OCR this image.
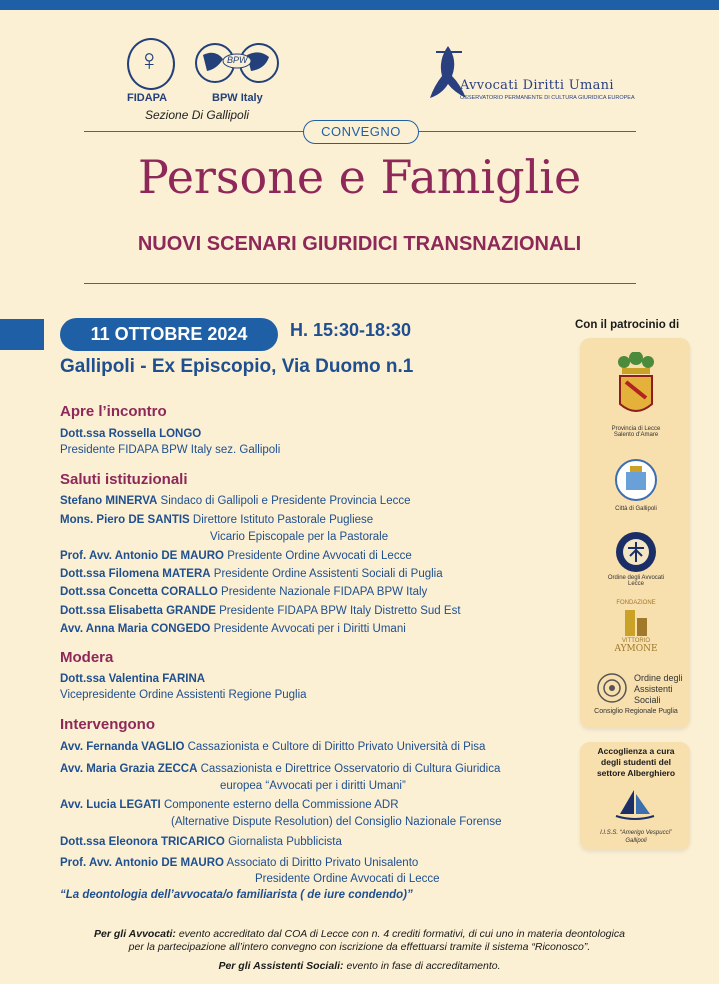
♀
FIDAPA
BPW
BPW Italy
Sezione Di Gallipoli
Avvocati Diritti Umani
OSSERVATORIO PERMANENTE DI CULTURA GIURIDICA EUROPEA
CONVEGNO
Persone e Famiglie
NUOVI SCENARI GIURIDICI TRANSNAZIONALI
11 OTTOBRE 2024	H. 15:30-18:30
Gallipoli - Ex Episcopio, Via Duomo n.1
Apre l’incontro
Dott.ssa Rossella LONGO
Presidente FIDAPA BPW Italy sez. Gallipoli
Saluti istituzionali
Stefano MINERVA Sindaco di Gallipoli e Presidente Provincia Lecce
Mons. Piero DE SANTIS Direttore Istituto Pastorale Pugliese
Vicario Episcopale per la Pastorale
Prof. Avv. Antonio DE MAURO Presidente Ordine Avvocati di Lecce
Dott.ssa Filomena MATERA Presidente Ordine Assistenti Sociali di Puglia
Dott.ssa Concetta CORALLO Presidente Nazionale FIDAPA BPW Italy
Dott.ssa Elisabetta GRANDE Presidente FIDAPA BPW Italy Distretto Sud Est
Avv. Anna Maria CONGEDO Presidente Avvocati per i Diritti Umani
Modera
Dott.ssa Valentina FARINA
Vicepresidente Ordine Assistenti Regione Puglia
Intervengono
Avv. Fernanda VAGLIO Cassazionista e Cultore di Diritto Privato Università di Pisa
Avv. Maria Grazia ZECCA Cassazionista e Direttrice Osservatorio di Cultura Giuridica
europea “Avvocati per i diritti Umani”
Avv. Lucia LEGATI Componente esterno della Commissione ADR
(Alternative Dispute Resolution) del Consiglio Nazionale Forense
Dott.ssa Eleonora TRICARICO Giornalista Pubblicista
Prof. Avv. Antonio DE MAURO Associato di Diritto Privato Unisalento
Presidente Ordine Avvocati di Lecce
“La deontologia dell’avvocata/o familiarista ( de iure condendo)”
Con il patrocinio di
Provincia di Lecce Salento d’Amare
Città di Gallipoli
Ordine degli Avvocati Lecce
FONDAZIONE
VITTORIO
AYMONE
Ordine degli Assistenti Sociali
Consiglio Regionale Puglia
Accoglienza a cura degli studenti del settore Alberghiero
I.I.S.S. “Amerigo Vespucci”
Gallipoli
Per gli Avvocati: evento accreditato dal COA di Lecce con n. 4 crediti formativi, di cui uno in materia deontologica
per la partecipazione all’intero convegno con iscrizione da effettuarsi tramite il sistema “Riconosco”.
Per gli Assistenti Sociali: evento in fase di accreditamento.
